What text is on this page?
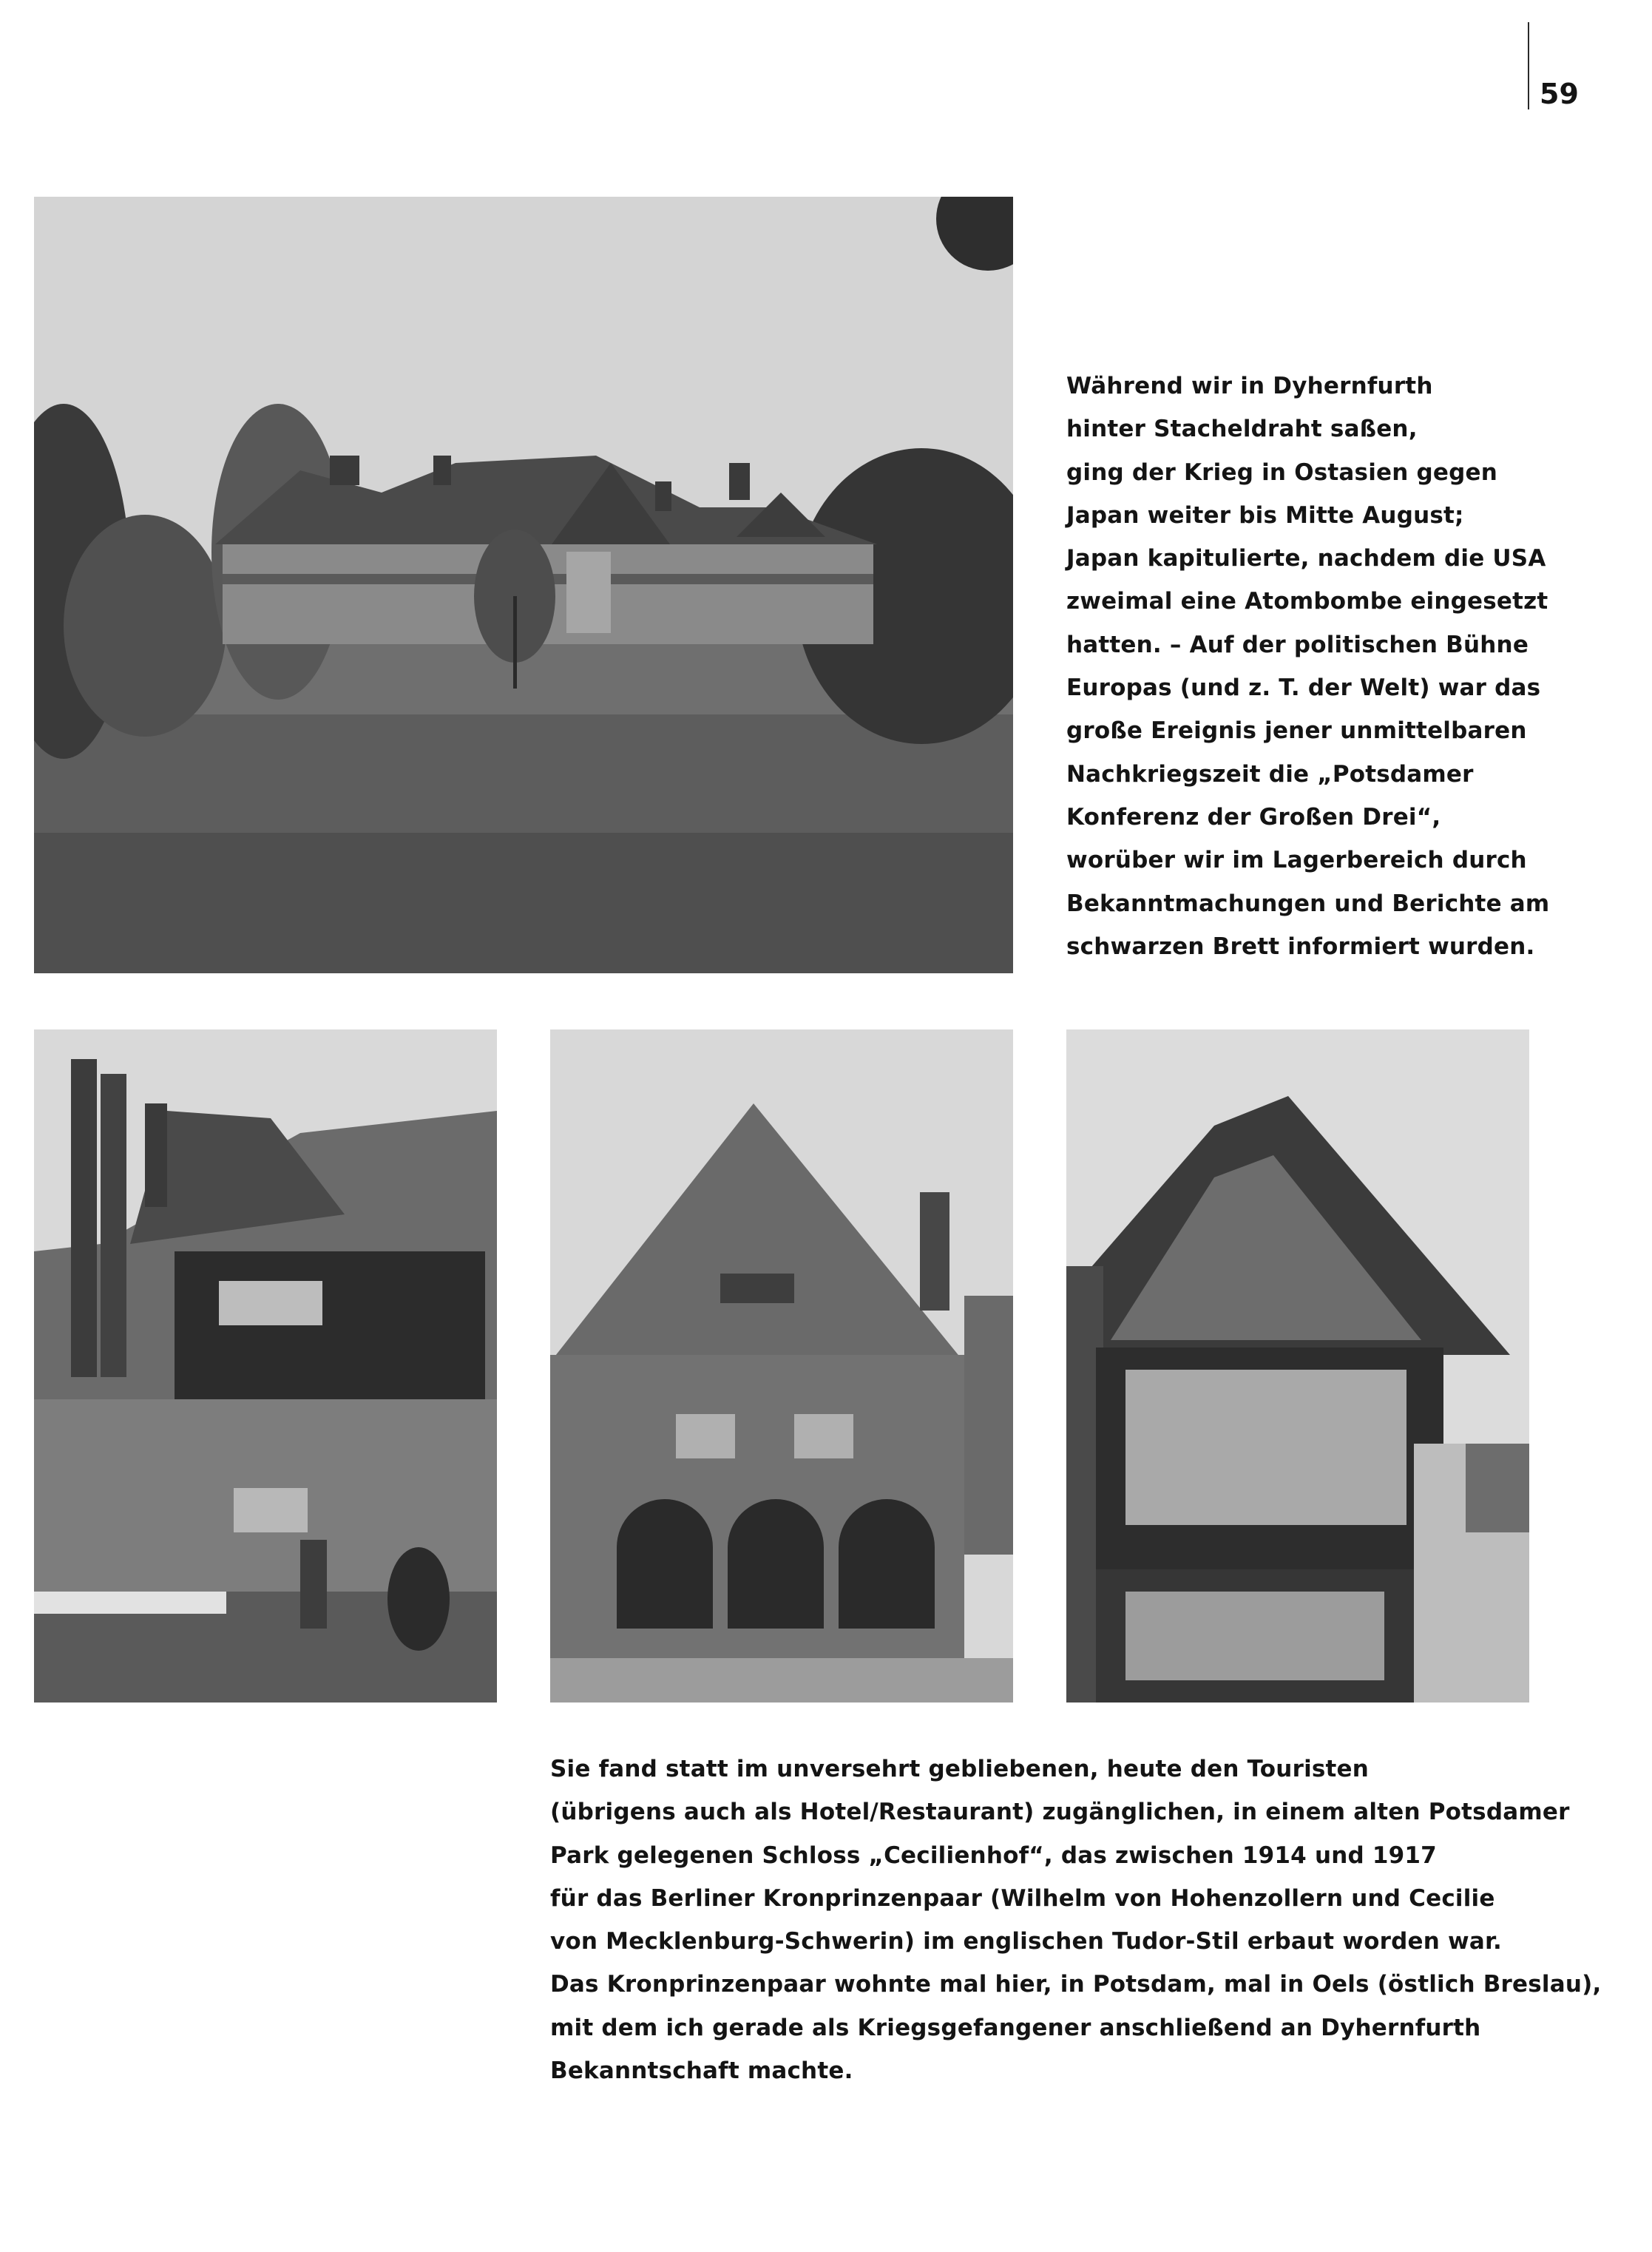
59
Während wir in Dyhernfurth
hinter Stacheldraht saßen,
ging der Krieg in Ostasien gegen
Japan weiter bis Mitte August;
Japan kapitulierte, nachdem die USA
zweimal eine Atombombe eingesetzt
hatten. – Auf der politischen Bühne
Europas (und z. T. der Welt) war das
große Ereignis jener unmittelbaren
Nachkriegszeit die „Potsdamer
Konferenz der Großen Drei“,
worüber wir im Lagerbereich durch
Bekanntmachungen und Berichte am
schwarzen Brett informiert wurden.
Sie fand statt im unversehrt gebliebenen, heute den Touristen
(übrigens auch als Hotel/Restaurant) zugänglichen, in einem alten Potsdamer
Park gelegenen Schloss „Cecilienhof“, das zwischen 1914 und 1917
für das Berliner Kronprinzenpaar (Wilhelm von Hohenzollern und Cecilie
von Mecklenburg-Schwerin) im englischen Tudor-Stil erbaut worden war.
Das Kronprinzenpaar wohnte mal hier, in Potsdam, mal in Oels (östlich Breslau),
mit dem ich gerade als Kriegsgefangener anschließend an Dyhernfurth
Bekanntschaft machte.
